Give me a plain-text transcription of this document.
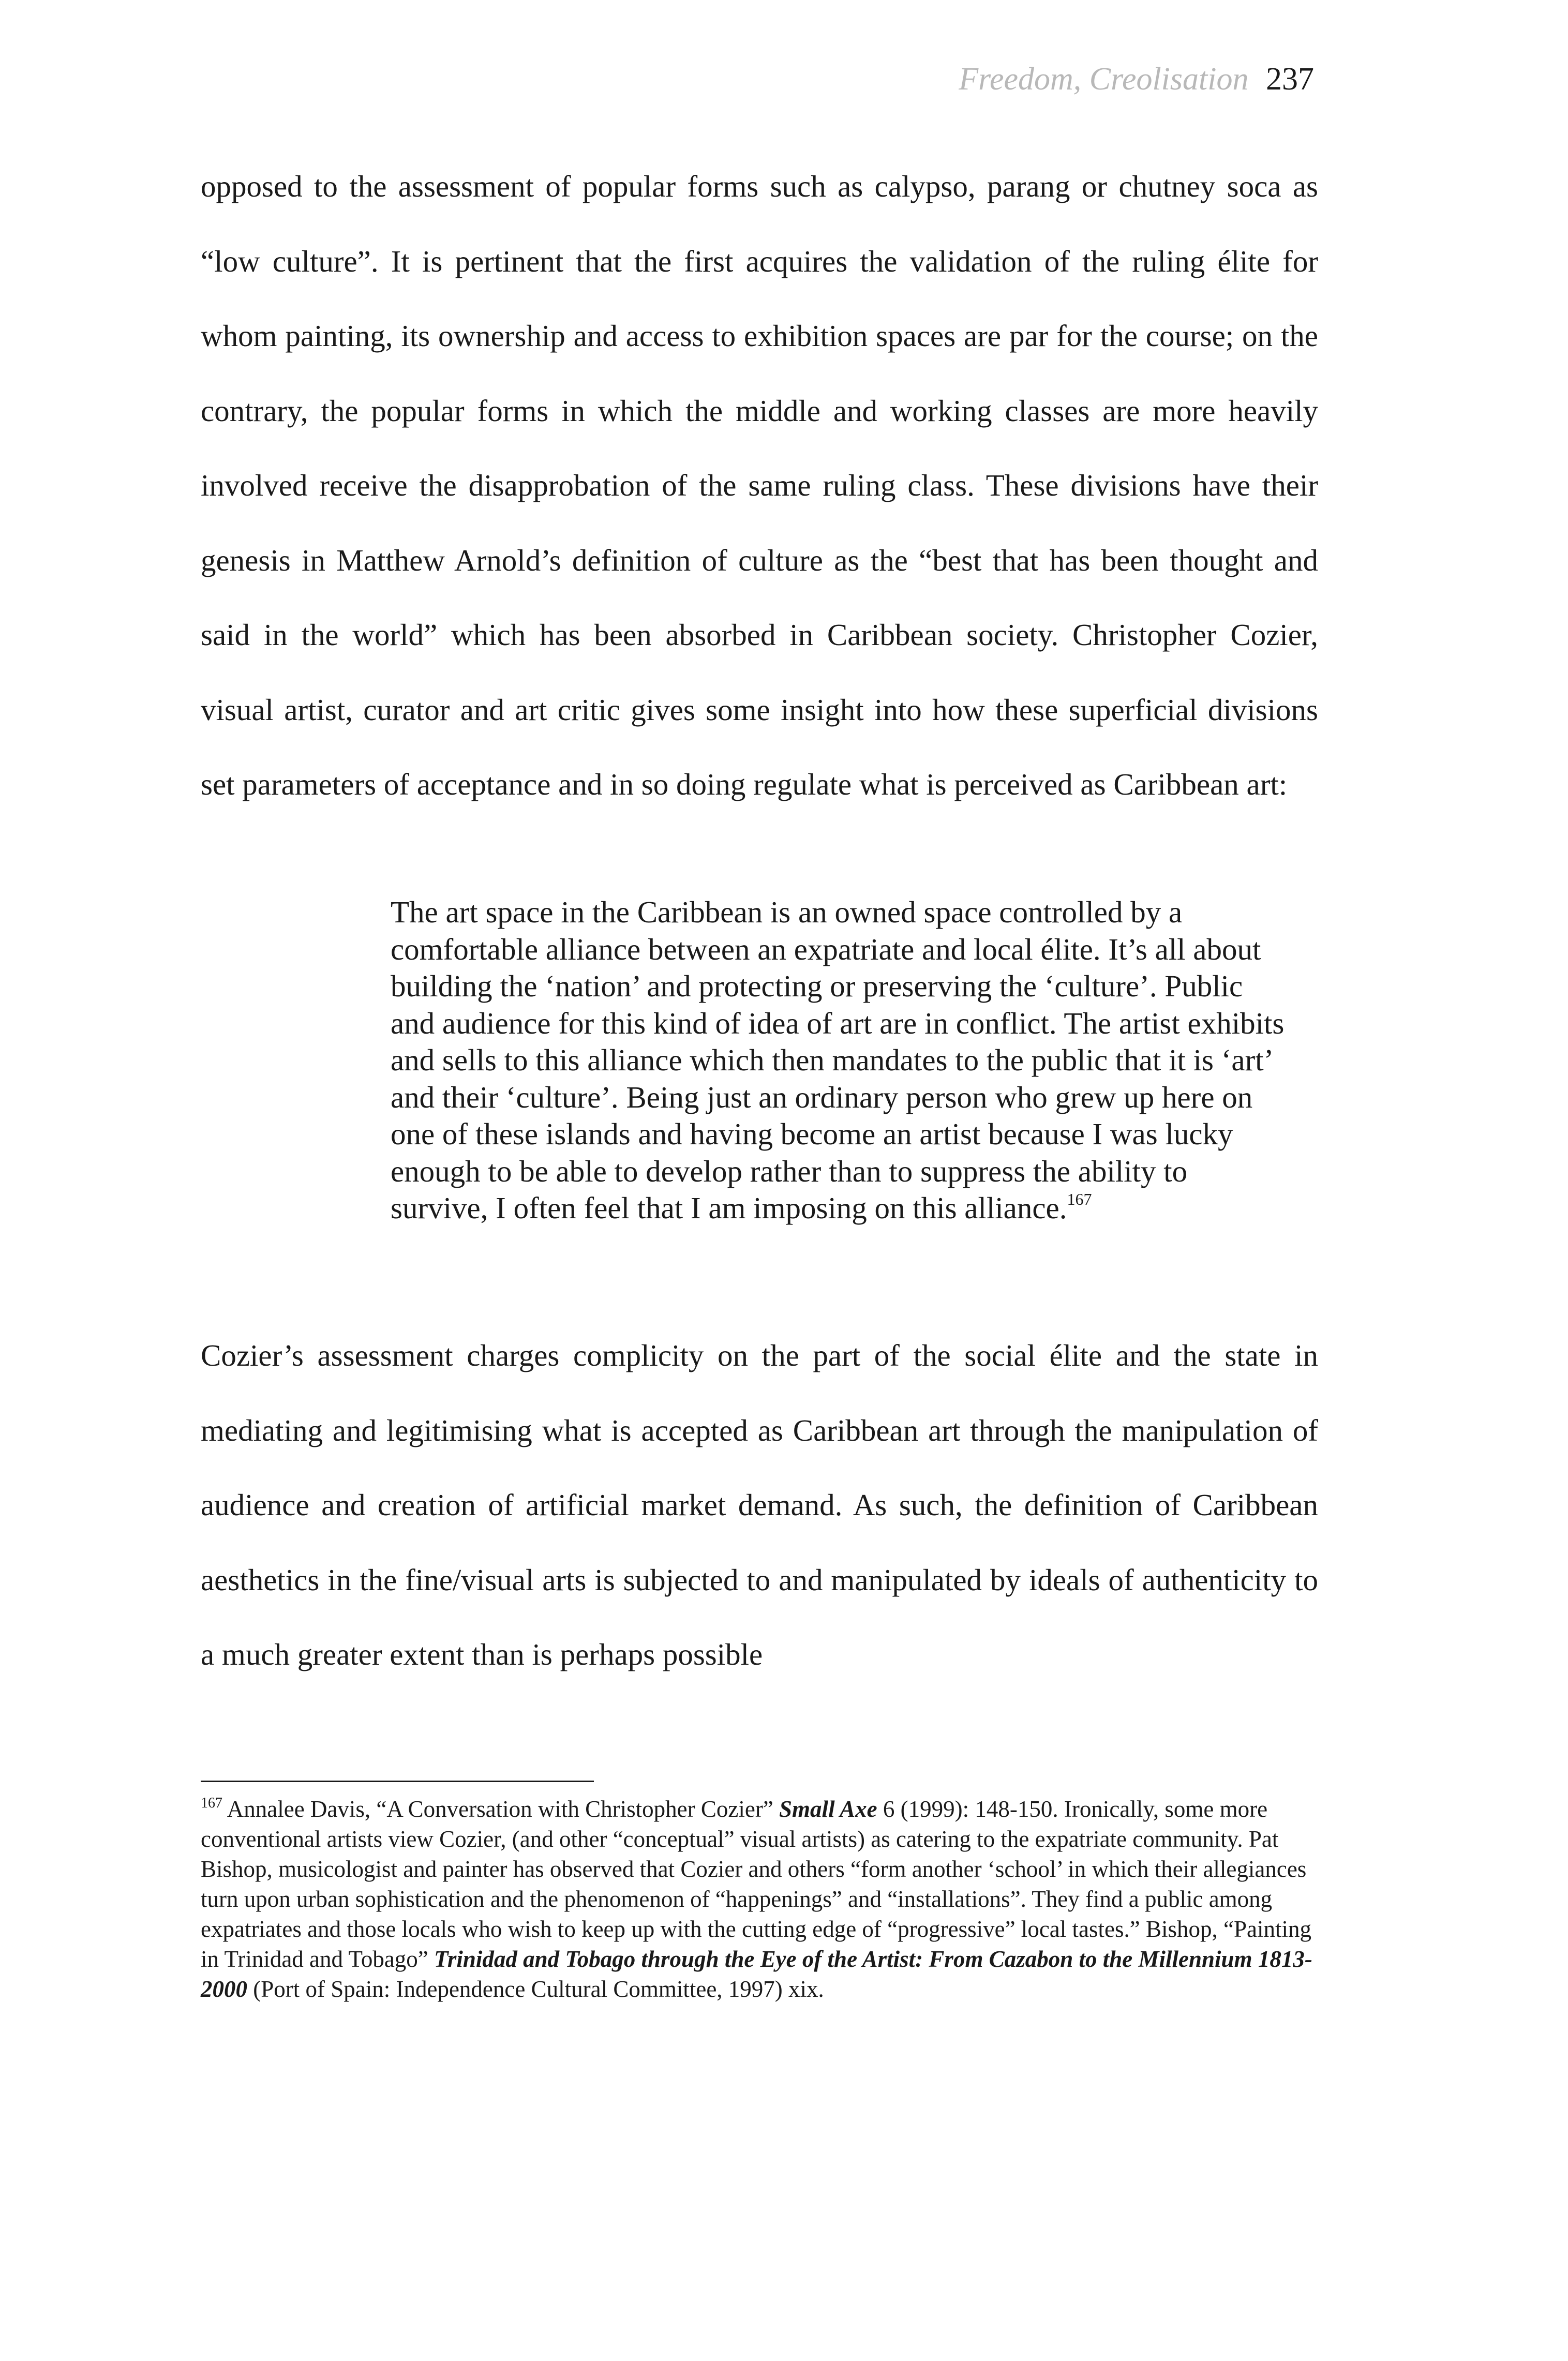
Freedom, Creolisation 237

opposed to the assessment of popular forms such as calypso, parang or chutney soca as “low culture”. It is pertinent that the first acquires the validation of the ruling élite for whom painting, its ownership and access to exhibition spaces are par for the course; on the contrary, the popular forms in which the middle and working classes are more heavily involved receive the disapprobation of the same ruling class. These divisions have their genesis in Matthew Arnold’s definition of culture as the “best that has been thought and said in the world” which has been absorbed in Caribbean society. Christopher Cozier, visual artist, curator and art critic gives some insight into how these superficial divisions set parameters of acceptance and in so doing regulate what is perceived as Caribbean art:

The art space in the Caribbean is an owned space controlled by a comfortable alliance between an expatriate and local élite. It’s all about building the ‘nation’ and protecting or preserving the ‘culture’. Public and audience for this kind of idea of art are in conflict. The artist exhibits and sells to this alliance which then mandates to the public that it is ‘art’ and their ‘culture’. Being just an ordinary person who grew up here on one of these islands and having become an artist because I was lucky enough to be able to develop rather than to suppress the ability to survive, I often feel that I am imposing on this alliance.$^{167}$

Cozier’s assessment charges complicity on the part of the social élite and the state in mediating and legitimising what is accepted as Caribbean art through the manipulation of audience and creation of artificial market demand. As such, the definition of Caribbean aesthetics in the fine/visual arts is subjected to and manipulated by ideals of authenticity to a much greater extent than is perhaps possible

$^{167}$ Annalee Davis, “A Conversation with Christopher Cozier” Small Axe 6 (1999): 148-150. Ironically, some more conventional artists view Cozier, (and other “conceptual” visual artists) as catering to the expatriate community. Pat Bishop, musicologist and painter has observed that Cozier and others “form another ‘school’ in which their allegiances turn upon urban sophistication and the phenomenon of “happenings” and “installations”. They find a public among expatriates and those locals who wish to keep up with the cutting edge of “progressive” local tastes.” Bishop, “Painting in Trinidad and Tobago” Trinidad and Tobago through the Eye of the Artist: From Cazabon to the Millennium 1813-2000 (Port of Spain: Independence Cultural Committee, 1997) xix.
